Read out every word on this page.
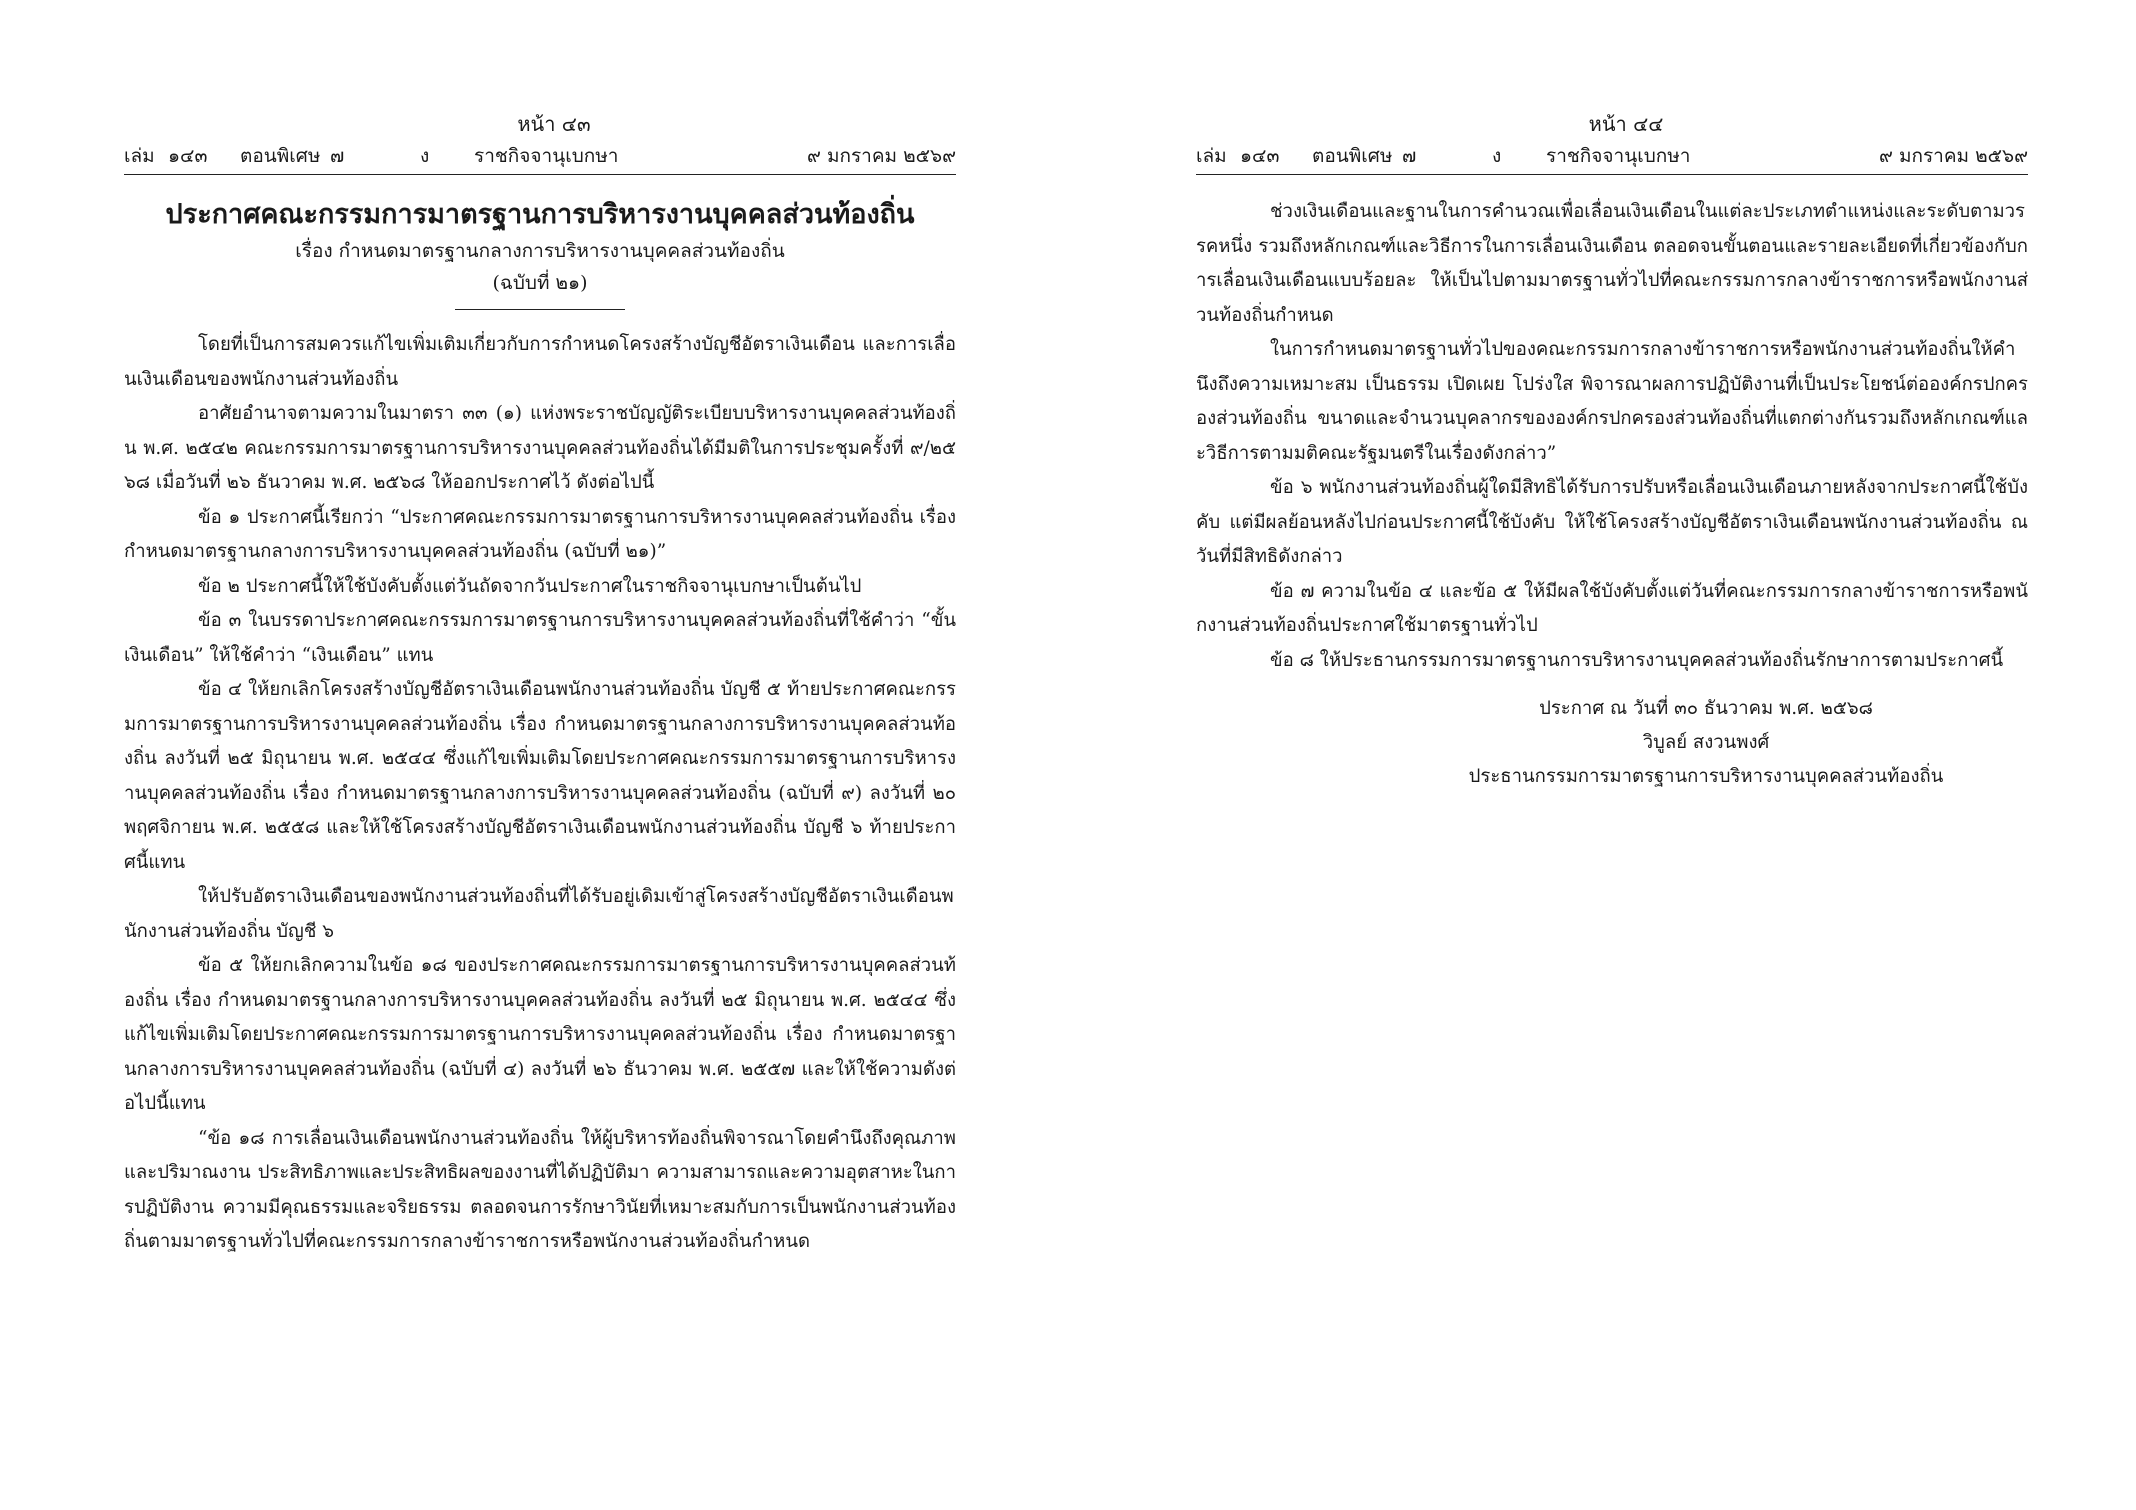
หน้า ๔๓
เล่ม ๑๔๓	ตอนพิเศษ ๗	ง	ราชกิจจานุเบกษา	๙ มกราคม ๒๕๖๙
ประกาศคณะกรรมการมาตรฐานการบริหารงานบุคคลส่วนท้องถิ่น

เรื่อง กำหนดมาตรฐานกลางการบริหารงานบุคคลส่วนท้องถิ่น

(ฉบับที่ ๒๑)

โดยที่เป็นการสมควรแก้ไขเพิ่มเติมเกี่ยวกับการกำหนดโครงสร้างบัญชีอัตราเงินเดือน และการเลื่อนเงินเดือนของพนักงานส่วนท้องถิ่น

อาศัยอำนาจตามความในมาตรา ๓๓ (๑) แห่งพระราชบัญญัติระเบียบบริหารงานบุคคลส่วนท้องถิ่น พ.ศ. ๒๕๔๒ คณะกรรมการมาตรฐานการบริหารงานบุคคลส่วนท้องถิ่นได้มีมติในการประชุมครั้งที่ ๙/๒๕๖๘ เมื่อวันที่ ๒๖ ธันวาคม พ.ศ. ๒๕๖๘ ให้ออกประกาศไว้ ดังต่อไปนี้

ข้อ ๑ ประกาศนี้เรียกว่า “ประกาศคณะกรรมการมาตรฐานการบริหารงานบุคคลส่วนท้องถิ่น เรื่อง กำหนดมาตรฐานกลางการบริหารงานบุคคลส่วนท้องถิ่น (ฉบับที่ ๒๑)”

ข้อ ๒ ประกาศนี้ให้ใช้บังคับตั้งแต่วันถัดจากวันประกาศในราชกิจจานุเบกษาเป็นต้นไป

ข้อ ๓ ในบรรดาประกาศคณะกรรมการมาตรฐานการบริหารงานบุคคลส่วนท้องถิ่นที่ใช้คำว่า “ขั้นเงินเดือน” ให้ใช้คำว่า “เงินเดือน” แทน

ข้อ ๔ ให้ยกเลิกโครงสร้างบัญชีอัตราเงินเดือนพนักงานส่วนท้องถิ่น บัญชี ๕ ท้ายประกาศคณะกรรมการมาตรฐานการบริหารงานบุคคลส่วนท้องถิ่น เรื่อง กำหนดมาตรฐานกลางการบริหารงานบุคคลส่วนท้องถิ่น ลงวันที่ ๒๕ มิถุนายน พ.ศ. ๒๕๔๔ ซึ่งแก้ไขเพิ่มเติมโดยประกาศคณะกรรมการมาตรฐานการบริหารงานบุคคลส่วนท้องถิ่น เรื่อง กำหนดมาตรฐานกลางการบริหารงานบุคคลส่วนท้องถิ่น (ฉบับที่ ๙) ลงวันที่ ๒๐ พฤศจิกายน พ.ศ. ๒๕๕๘ และให้ใช้โครงสร้างบัญชีอัตราเงินเดือนพนักงานส่วนท้องถิ่น บัญชี ๖ ท้ายประกาศนี้แทน

ให้ปรับอัตราเงินเดือนของพนักงานส่วนท้องถิ่นที่ได้รับอยู่เดิมเข้าสู่โครงสร้างบัญชีอัตราเงินเดือนพนักงานส่วนท้องถิ่น บัญชี ๖

ข้อ ๕ ให้ยกเลิกความในข้อ ๑๘ ของประกาศคณะกรรมการมาตรฐานการบริหารงานบุคคลส่วนท้องถิ่น เรื่อง กำหนดมาตรฐานกลางการบริหารงานบุคคลส่วนท้องถิ่น ลงวันที่ ๒๕ มิถุนายน พ.ศ. ๒๕๔๔ ซึ่งแก้ไขเพิ่มเติมโดยประกาศคณะกรรมการมาตรฐานการบริหารงานบุคคลส่วนท้องถิ่น เรื่อง กำหนดมาตรฐานกลางการบริหารงานบุคคลส่วนท้องถิ่น (ฉบับที่ ๔) ลงวันที่ ๒๖ ธันวาคม พ.ศ. ๒๕๕๗ และให้ใช้ความดังต่อไปนี้แทน

“ข้อ ๑๘ การเลื่อนเงินเดือนพนักงานส่วนท้องถิ่น ให้ผู้บริหารท้องถิ่นพิจารณาโดยคำนึงถึงคุณภาพและปริมาณงาน ประสิทธิภาพและประสิทธิผลของงานที่ได้ปฏิบัติมา ความสามารถและความอุตสาหะในการปฏิบัติงาน ความมีคุณธรรมและจริยธรรม ตลอดจนการรักษาวินัยที่เหมาะสมกับการเป็นพนักงานส่วนท้องถิ่นตามมาตรฐานทั่วไปที่คณะกรรมการกลางข้าราชการหรือพนักงานส่วนท้องถิ่นกำหนด

หน้า ๔๔
เล่ม ๑๔๓	ตอนพิเศษ ๗	ง	ราชกิจจานุเบกษา	๙ มกราคม ๒๕๖๙

ช่วงเงินเดือนและฐานในการคำนวณเพื่อเลื่อนเงินเดือนในแต่ละประเภทตำแหน่งและระดับตามวรรคหนึ่ง รวมถึงหลักเกณฑ์และวิธีการในการเลื่อนเงินเดือน ตลอดจนขั้นตอนและรายละเอียดที่เกี่ยวข้องกับการเลื่อนเงินเดือนแบบร้อยละ ให้เป็นไปตามมาตรฐานทั่วไปที่คณะกรรมการกลางข้าราชการหรือพนักงานส่วนท้องถิ่นกำหนด

ในการกำหนดมาตรฐานทั่วไปของคณะกรรมการกลางข้าราชการหรือพนักงานส่วนท้องถิ่นให้คำนึงถึงความเหมาะสม เป็นธรรม เปิดเผย โปร่งใส พิจารณาผลการปฏิบัติงานที่เป็นประโยชน์ต่อองค์กรปกครองส่วนท้องถิ่น ขนาดและจำนวนบุคลากรขององค์กรปกครองส่วนท้องถิ่นที่แตกต่างกันรวมถึงหลักเกณฑ์และวิธีการตามมติคณะรัฐมนตรีในเรื่องดังกล่าว”

ข้อ ๖ พนักงานส่วนท้องถิ่นผู้ใดมีสิทธิได้รับการปรับหรือเลื่อนเงินเดือนภายหลังจากประกาศนี้ใช้บังคับ แต่มีผลย้อนหลังไปก่อนประกาศนี้ใช้บังคับ ให้ใช้โครงสร้างบัญชีอัตราเงินเดือนพนักงานส่วนท้องถิ่น ณ วันที่มีสิทธิดังกล่าว

ข้อ ๗ ความในข้อ ๔ และข้อ ๕ ให้มีผลใช้บังคับตั้งแต่วันที่คณะกรรมการกลางข้าราชการหรือพนักงานส่วนท้องถิ่นประกาศใช้มาตรฐานทั่วไป

ข้อ ๘ ให้ประธานกรรมการมาตรฐานการบริหารงานบุคคลส่วนท้องถิ่นรักษาการตามประกาศนี้

ประกาศ ณ วันที่ ๓๐ ธันวาคม พ.ศ. ๒๕๖๘

วิบูลย์ สงวนพงศ์

ประธานกรรมการมาตรฐานการบริหารงานบุคคลส่วนท้องถิ่น
